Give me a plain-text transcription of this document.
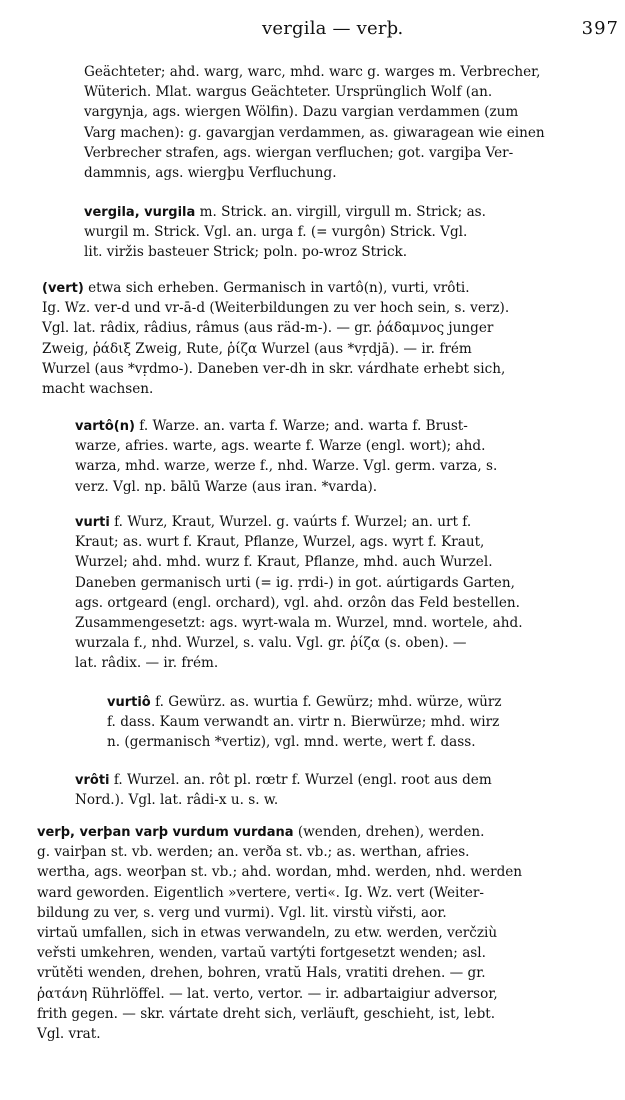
vergila — verþ.	397
Geächteter; ahd. warg, warc, mhd. warc g. warges m. Verbrecher,
Wüterich. Mlat. wargus Geächteter. Ursprünglich Wolf (an.
vargynja, ags. wiergen Wölfin). Dazu vargian verdammen (zum
Varg machen): g. gavargjan verdammen, as. giwaragean wie einen
Verbrecher strafen, ags. wiergan verfluchen; got. vargiþa Ver-
dammnis, ags. wiergþu Verfluchung.
vergila, vurgila m. Strick. an. virgill, virgull m. Strick; as.
wurgil m. Strick. Vgl. an. urga f. (= vurgôn) Strick. Vgl.
lit. viržis basteuer Strick; poln. po-wroz Strick.
(vert) etwa sich erheben. Germanisch in vartô(n), vurti, vrôti.
Ig. Wz. ver-d und vr-ā-d (Weiterbildungen zu ver hoch sein, s. verz).
Vgl. lat. râdix, râdius, râmus (aus räd-m-). — gr. ῥάδαμνος junger
Zweig, ῥάδιξ Zweig, Rute, ῥίζα Wurzel (aus *vṛdjā). — ir. frém
Wurzel (aus *vṛdmo-). Daneben ver-dh in skr. várdhate erhebt sich,
macht wachsen.
vartô(n) f. Warze. an. varta f. Warze; and. warta f. Brust-
warze, afries. warte, ags. wearte f. Warze (engl. wort); ahd.
warza, mhd. warze, werze f., nhd. Warze. Vgl. germ. varza, s.
verz. Vgl. np. bālū Warze (aus iran. *varda).
vurti f. Wurz, Kraut, Wurzel. g. vaúrts f. Wurzel; an. urt f.
Kraut; as. wurt f. Kraut, Pflanze, Wurzel, ags. wyrt f. Kraut,
Wurzel; ahd. mhd. wurz f. Kraut, Pflanze, mhd. auch Wurzel.
Daneben germanisch urti (= ig. ṛrdi-) in got. aúrtigards Garten,
ags. ortgeard (engl. orchard), vgl. ahd. orzôn das Feld bestellen.
Zusammengesetzt: ags. wyrt-wala m. Wurzel, mnd. wortele, ahd.
wurzala f., nhd. Wurzel, s. valu. Vgl. gr. ῥίζα (s. oben). —
lat. râdix. — ir. frém.
vurtiô f. Gewürz. as. wurtia f. Gewürz; mhd. würze, würz
f. dass. Kaum verwandt an. virtr n. Bierwürze; mhd. wirz
n. (germanisch *vertiz), vgl. mnd. werte, wert f. dass.
vrôti f. Wurzel. an. rôt pl. rœtr f. Wurzel (engl. root aus dem
Nord.). Vgl. lat. râdi-x u. s. w.
verþ, verþan varþ vurdum vurdana (wenden, drehen), werden.
g. vairþan st. vb. werden; an. verða st. vb.; as. werthan, afries.
wertha, ags. weorþan st. vb.; ahd. wordan, mhd. werden, nhd. werden
ward geworden. Eigentlich »vertere, verti«. Ig. Wz. vert (Weiter-
bildung zu ver, s. verg und vurmi). Vgl. lit. virstù viřsti, aor.
virtaŭ umfallen, sich in etwas verwandeln, zu etw. werden, verčziù
veřsti umkehren, wenden, vartaŭ vartýti fortgesetzt wenden; asl.
vrŭtěti wenden, drehen, bohren, vratŭ Hals, vratiti drehen. — gr.
ῥατάνη Rührlöffel. — lat. verto, vertor. — ir. adbartaigiur adversor,
frith gegen. — skr. vártate dreht sich, verläuft, geschieht, ist, lebt.
Vgl. vrat.
